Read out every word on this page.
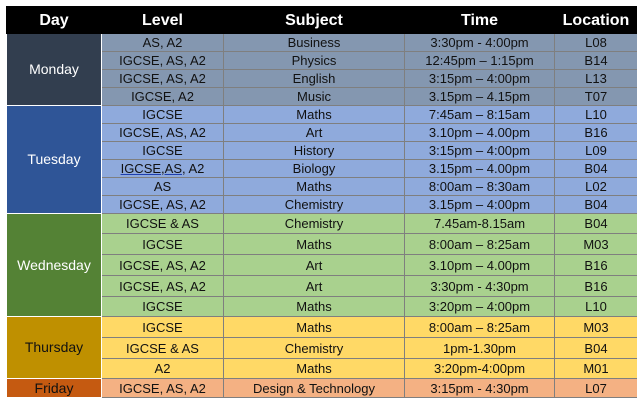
Day	Level	Subject	Time	Location
Monday	AS, A2	Business	3:30pm - 4:00pm	L08
	IGCSE, AS, A2	Physics	12:45pm – 1:15pm	B14
	IGCSE, AS, A2	English	3:15pm – 4:00pm	L13
	IGCSE, A2	Music	3.15pm – 4.15pm	T07
Tuesday	IGCSE	Maths	7:45am – 8:15am	L10
	IGCSE, AS, A2	Art	3.10pm – 4.00pm	B16
	IGCSE	History	3:15pm – 4:00pm	L09
	IGCSE,AS, A2	Biology	3.15pm – 4.00pm	B04
	AS	Maths	8:00am – 8:30am	L02
	IGCSE, AS, A2	Chemistry	3.15pm – 4:00pm	B04
Wednesday	IGCSE & AS	Chemistry	7.45am-8.15am	B04
	IGCSE	Maths	8:00am – 8:25am	M03
	IGCSE, AS, A2	Art	3.10pm – 4.00pm	B16
	IGCSE, AS, A2	Art	3:30pm - 4:30pm	B16
	IGCSE	Maths	3:20pm – 4:00pm	L10
Thursday	IGCSE	Maths	8:00am – 8:25am	M03
	IGCSE & AS	Chemistry	1pm-1.30pm	B04
	A2	Maths	3:20pm-4:00pm	M01
Friday	IGCSE, AS, A2	Design & Technology	3:15pm - 4:30pm	L07
